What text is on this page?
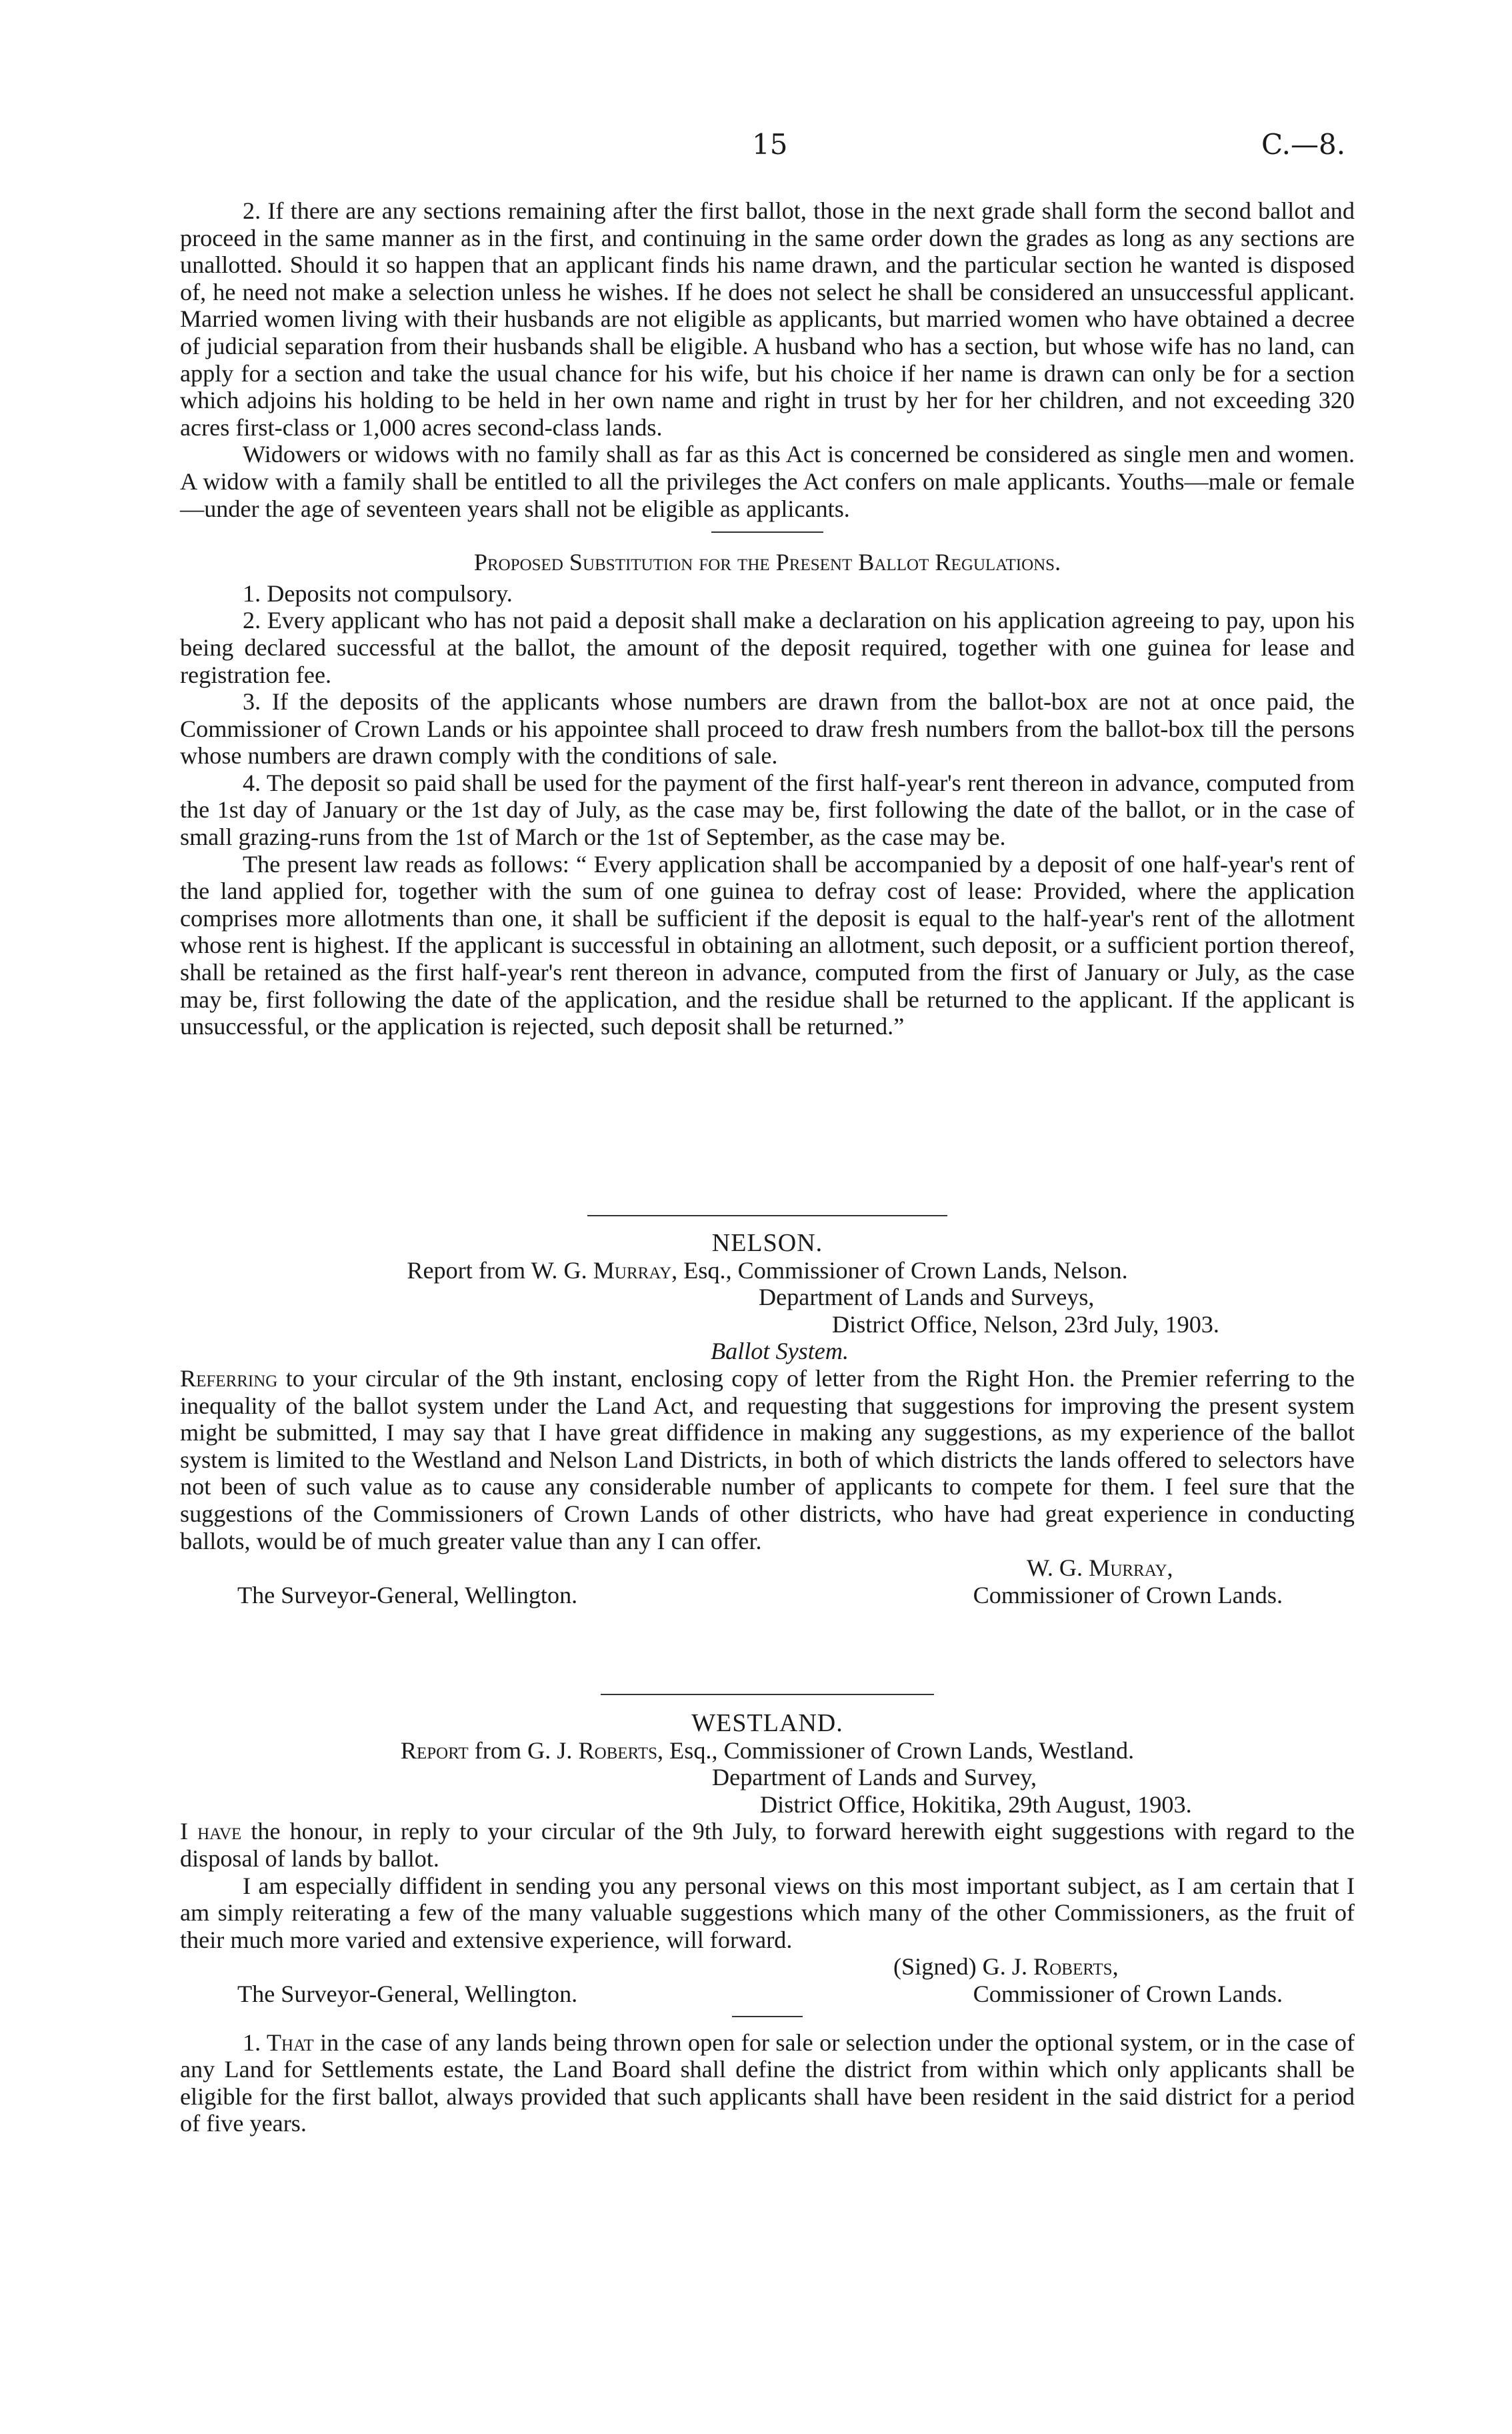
15	C.—8.

2. If there are any sections remaining after the first ballot, those in the next grade shall form the second ballot and proceed in the same manner as in the first, and continuing in the same order down the grades as long as any sections are unallotted. Should it so happen that an applicant finds his name drawn, and the particular section he wanted is disposed of, he need not make a selection unless he wishes. If he does not select he shall be considered an unsuccessful applicant. Married women living with their husbands are not eligible as applicants, but married women who have obtained a decree of judicial separation from their husbands shall be eligible. A husband who has a section, but whose wife has no land, can apply for a section and take the usual chance for his wife, but his choice if her name is drawn can only be for a section which adjoins his holding to be held in her own name and right in trust by her for her children, and not exceeding 320 acres first-class or 1,000 acres second-class lands.

Widowers or widows with no family shall as far as this Act is concerned be considered as single men and women. A widow with a family shall be entitled to all the privileges the Act confers on male applicants. Youths—male or female—under the age of seventeen years shall not be eligible as applicants.

Proposed Substitution for the Present Ballot Regulations.

1. Deposits not compulsory.

2. Every applicant who has not paid a deposit shall make a declaration on his application agreeing to pay, upon his being declared successful at the ballot, the amount of the deposit required, together with one guinea for lease and registration fee.

3. If the deposits of the applicants whose numbers are drawn from the ballot-box are not at once paid, the Commissioner of Crown Lands or his appointee shall proceed to draw fresh numbers from the ballot-box till the persons whose numbers are drawn comply with the conditions of sale.

4. The deposit so paid shall be used for the payment of the first half-year's rent thereon in advance, computed from the 1st day of January or the 1st day of July, as the case may be, first following the date of the ballot, or in the case of small grazing-runs from the 1st of March or the 1st of September, as the case may be.

The present law reads as follows: “ Every application shall be accompanied by a deposit of one half-year's rent of the land applied for, together with the sum of one guinea to defray cost of lease: Provided, where the application comprises more allotments than one, it shall be sufficient if the deposit is equal to the half-year's rent of the allotment whose rent is highest. If the applicant is successful in obtaining an allotment, such deposit, or a sufficient portion thereof, shall be retained as the first half-year's rent thereon in advance, computed from the first of January or July, as the case may be, first following the date of the application, and the residue shall be returned to the applicant. If the applicant is unsuccessful, or the application is rejected, such deposit shall be returned.”

NELSON.

Report from W. G. Murray, Esq., Commissioner of Crown Lands, Nelson.

Department of Lands and Surveys,

District Office, Nelson, 23rd July, 1903.

Ballot System.

Referring to your circular of the 9th instant, enclosing copy of letter from the Right Hon. the Premier referring to the inequality of the ballot system under the Land Act, and requesting that suggestions for improving the present system might be submitted, I may say that I have great diffidence in making any suggestions, as my experience of the ballot system is limited to the Westland and Nelson Land Districts, in both of which districts the lands offered to selectors have not been of such value as to cause any considerable number of applicants to compete for them. I feel sure that the suggestions of the Commissioners of Crown Lands of other districts, who have had great experience in conducting ballots, would be of much greater value than any I can offer.

W. G. Murray,

The Surveyor-General, Wellington.	Commissioner of Crown Lands.

WESTLAND.

Report from G. J. Roberts, Esq., Commissioner of Crown Lands, Westland.

Department of Lands and Survey,

District Office, Hokitika, 29th August, 1903.

I have the honour, in reply to your circular of the 9th July, to forward herewith eight suggestions with regard to the disposal of lands by ballot.

I am especially diffident in sending you any personal views on this most important subject, as I am certain that I am simply reiterating a few of the many valuable suggestions which many of the other Commissioners, as the fruit of their much more varied and extensive experience, will forward.

(Signed) G. J. Roberts,

The Surveyor-General, Wellington.	Commissioner of Crown Lands.

1. That in the case of any lands being thrown open for sale or selection under the optional system, or in the case of any Land for Settlements estate, the Land Board shall define the district from within which only applicants shall be eligible for the first ballot, always provided that such applicants shall have been resident in the said district for a period of five years.
